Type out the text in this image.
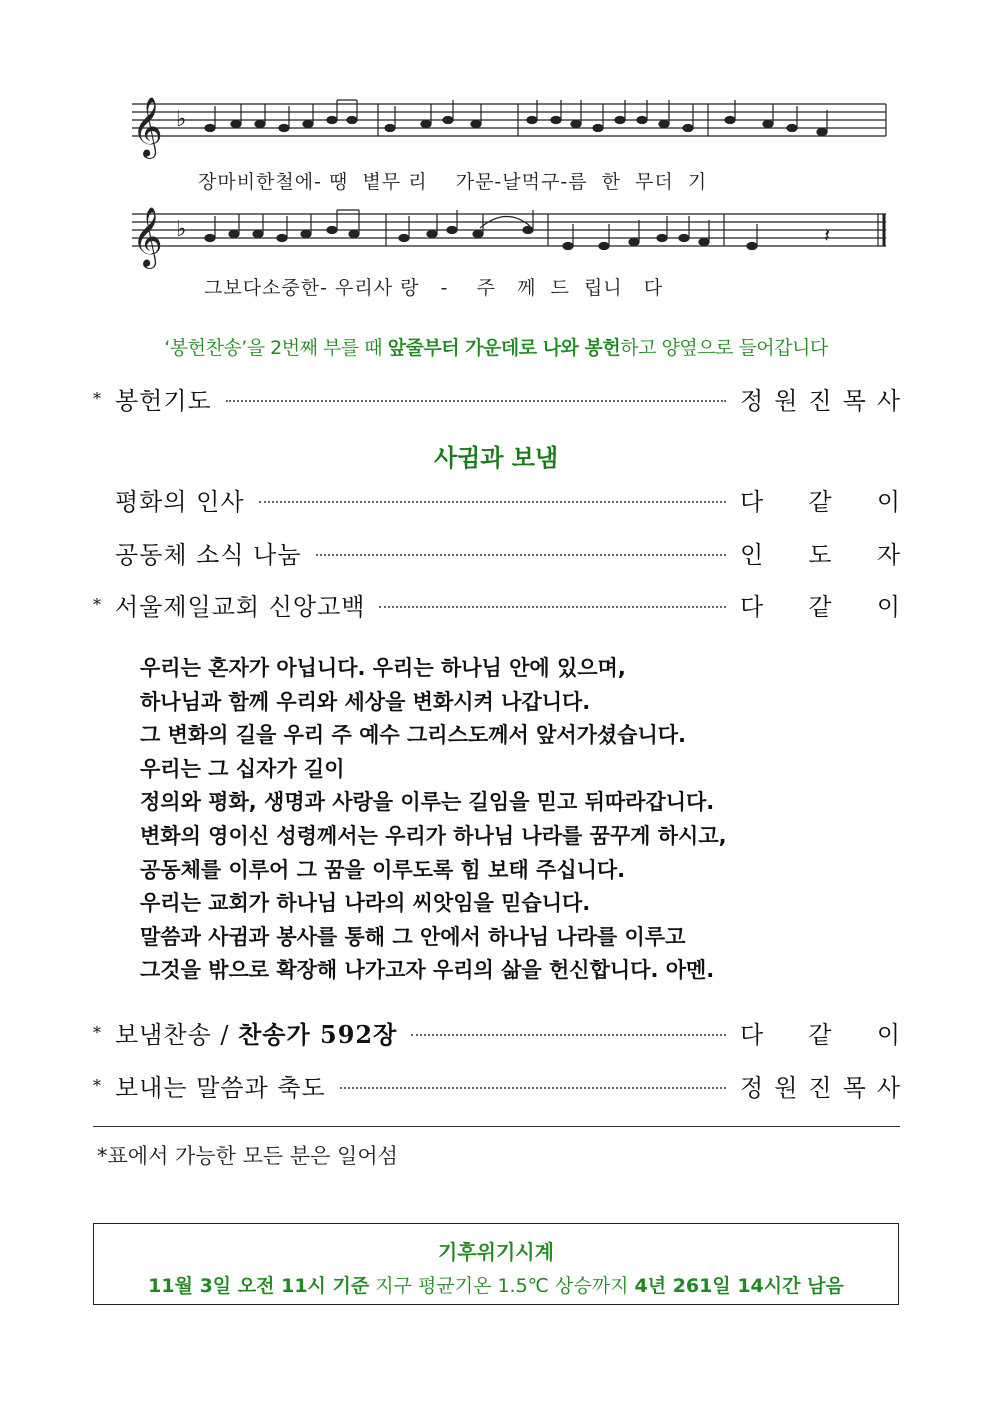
𝄞 ♭
장마비한철에- 땡  볕무 리    가문-날먹구-름  한  무더  기
𝄞 ♭	𝄽
그보다소중한- 우리사 랑   -    주   께  드  립니   다
‘봉헌찬송’을 2번째 부를 때 앞줄부터 가운데로 나와 봉헌하고 양옆으로 들어갑니다
* 봉헌기도	정 원 진 목 사
사귐과 보냄
평화의 인사	다 같 이
공동체 소식 나눔	인 도 자
* 서울제일교회 신앙고백	다 같 이
우리는 혼자가 아닙니다. 우리는 하나님 안에 있으며,
하나님과 함께 우리와 세상을 변화시켜 나갑니다.
그 변화의 길을 우리 주 예수 그리스도께서 앞서가셨습니다.
우리는 그 십자가 길이
정의와 평화, 생명과 사랑을 이루는 길임을 믿고 뒤따라갑니다.
변화의 영이신 성령께서는 우리가 하나님 나라를 꿈꾸게 하시고,
공동체를 이루어 그 꿈을 이루도록 힘 보태 주십니다.
우리는 교회가 하나님 나라의 씨앗임을 믿습니다.
말씀과 사귐과 봉사를 통해 그 안에서 하나님 나라를 이루고
그것을 밖으로 확장해 나가고자 우리의 삶을 헌신합니다. 아멘.
* 보냄찬송 / 찬송가 592장	다 같 이
* 보내는 말씀과 축도	정 원 진 목 사
*표에서 가능한 모든 분은 일어섬
기후위기시계
11월 3일 오전 11시 기준 지구 평균기온 1.5℃ 상승까지 4년 261일 14시간 남음
